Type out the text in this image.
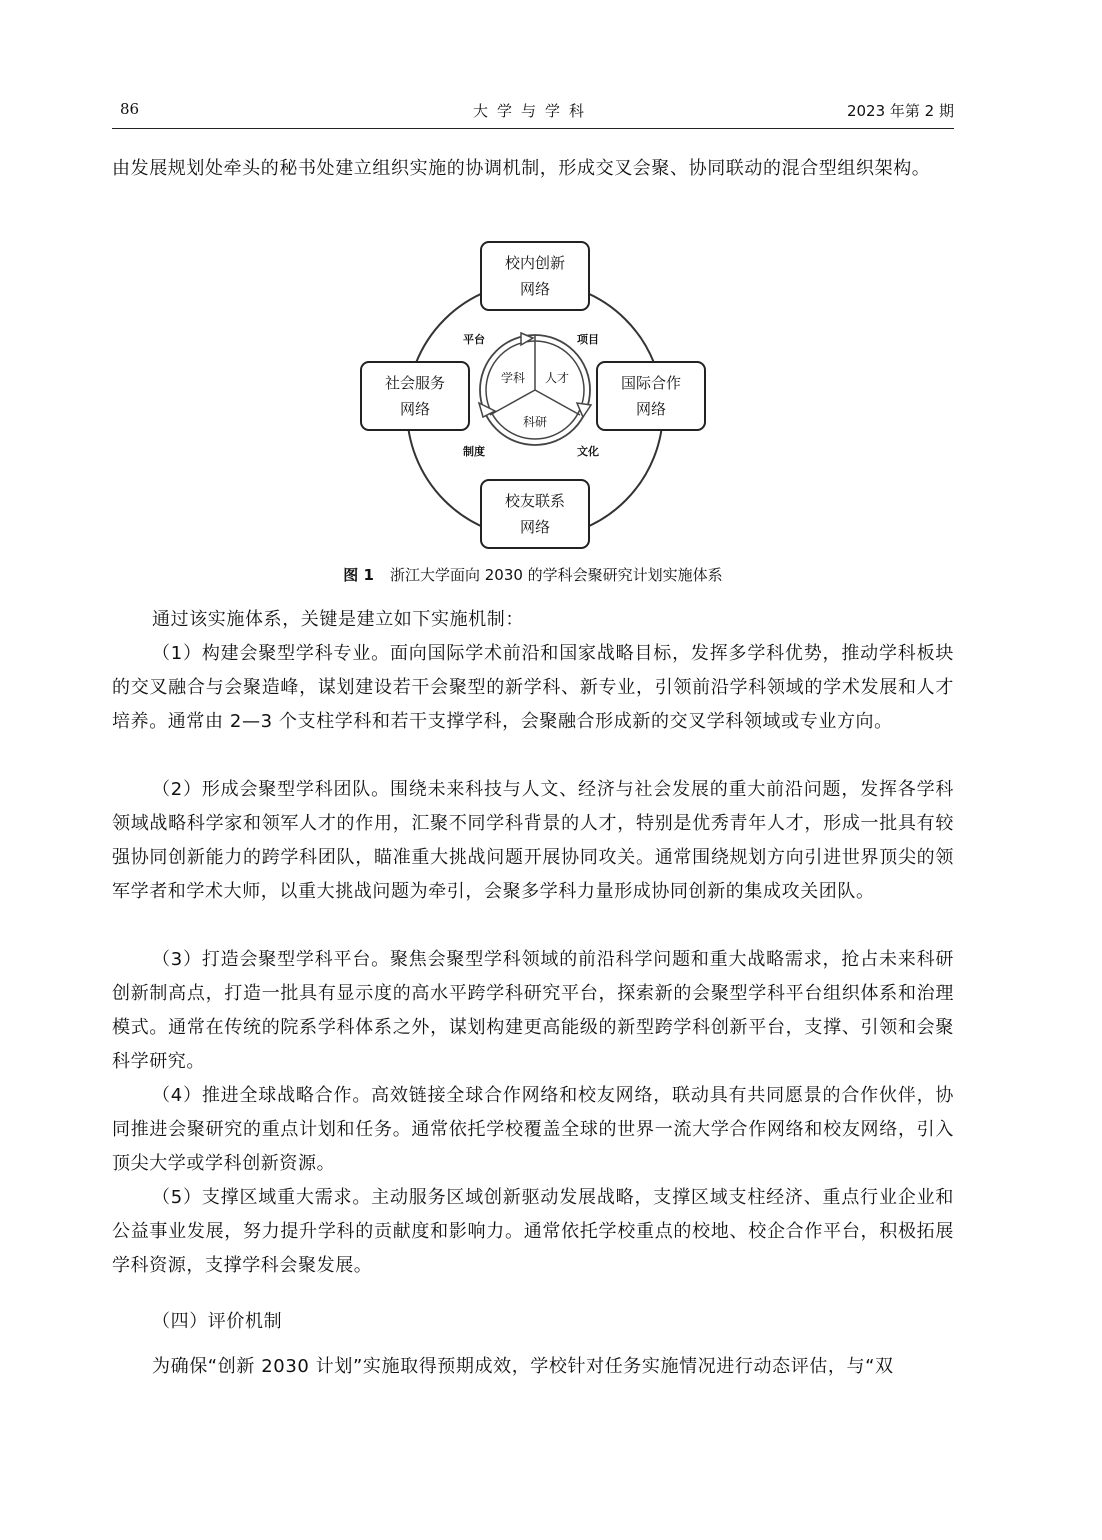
86	大学与学科	2023 年第 2 期

由发展规划处牵头的秘书处建立组织实施的协调机制，形成交叉会聚、协同联动的混合型组织架构。

校内创新
网络
国际合作
网络
校友联系
网络
社会服务
网络
平台	项目
制度	文化
学科 人才
科研
图 1 浙江大学面向 2030 的学科会聚研究计划实施体系

通过该实施体系，关键是建立如下实施机制：

（1）构建会聚型学科专业。面向国际学术前沿和国家战略目标，发挥多学科优势，推动学科板块的交叉融合与会聚造峰，谋划建设若干会聚型的新学科、新专业，引领前沿学科领域的学术发展和人才培养。通常由 2—3 个支柱学科和若干支撑学科，会聚融合形成新的交叉学科领域或专业方向。

（2）形成会聚型学科团队。围绕未来科技与人文、经济与社会发展的重大前沿问题，发挥各学科领域战略科学家和领军人才的作用，汇聚不同学科背景的人才，特别是优秀青年人才，形成一批具有较强协同创新能力的跨学科团队，瞄准重大挑战问题开展协同攻关。通常围绕规划方向引进世界顶尖的领军学者和学术大师，以重大挑战问题为牵引，会聚多学科力量形成协同创新的集成攻关团队。

（3）打造会聚型学科平台。聚焦会聚型学科领域的前沿科学问题和重大战略需求，抢占未来科研创新制高点，打造一批具有显示度的高水平跨学科研究平台，探索新的会聚型学科平台组织体系和治理模式。通常在传统的院系学科体系之外，谋划构建更高能级的新型跨学科创新平台，支撑、引领和会聚科学研究。

（4）推进全球战略合作。高效链接全球合作网络和校友网络，联动具有共同愿景的合作伙伴，协同推进会聚研究的重点计划和任务。通常依托学校覆盖全球的世界一流大学合作网络和校友网络，引入顶尖大学或学科创新资源。

（5）支撑区域重大需求。主动服务区域创新驱动发展战略，支撑区域支柱经济、重点行业企业和公益事业发展，努力提升学科的贡献度和影响力。通常依托学校重点的校地、校企合作平台，积极拓展学科资源，支撑学科会聚发展。

（四）评价机制

为确保“创新 2030 计划”实施取得预期成效，学校针对任务实施情况进行动态评估，与“双
